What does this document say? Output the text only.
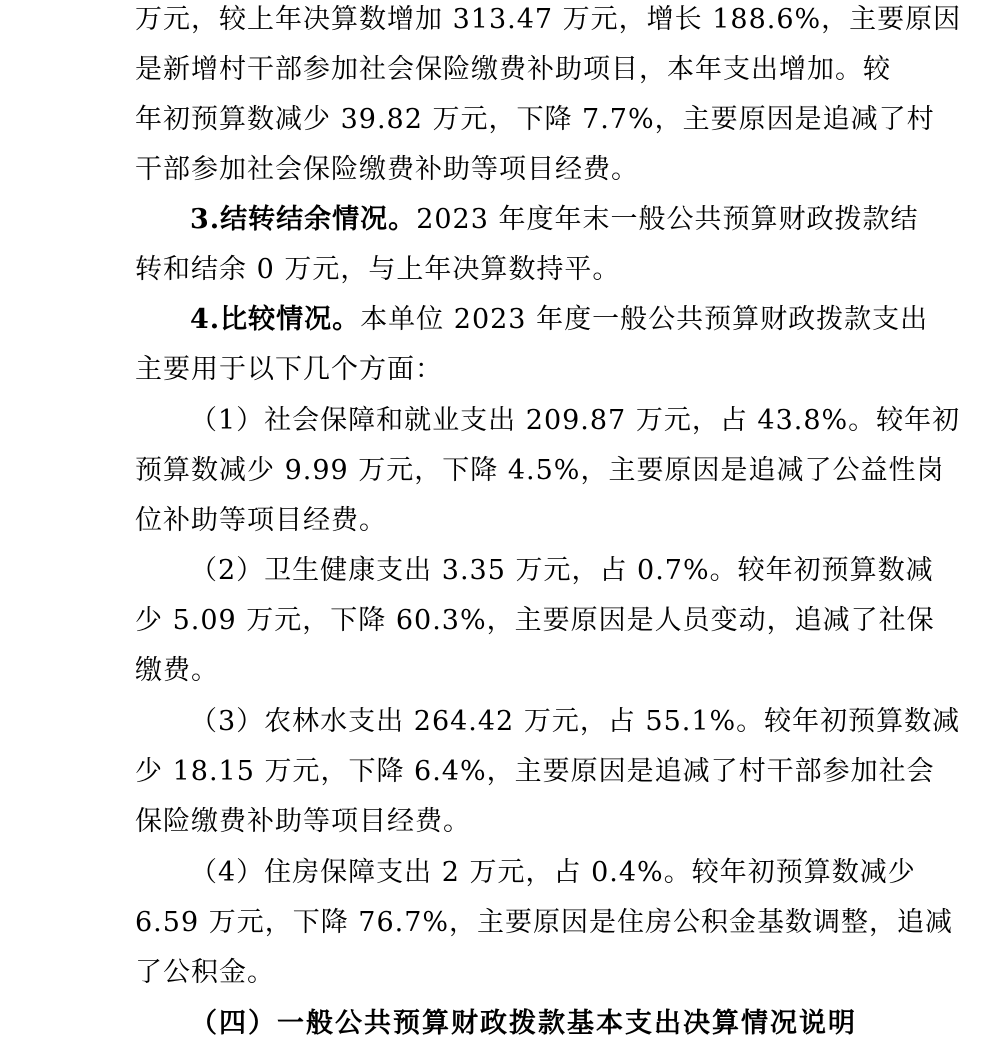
万元，较上年决算数增加 313.47 万元，增长 188.6%，主要原因
是新增村干部参加社会保险缴费补助项目，本年支出增加。较
年初预算数减少 39.82 万元，下降 7.7%，主要原因是追减了村
干部参加社会保险缴费补助等项目经费。
3.结转结余情况。2023 年度年末一般公共预算财政拨款结
转和结余 0 万元，与上年决算数持平。
4.比较情况。本单位 2023 年度一般公共预算财政拨款支出
主要用于以下几个方面：
（1）社会保障和就业支出 209.87 万元，占 43.8%。较年初
预算数减少 9.99 万元，下降 4.5%，主要原因是追减了公益性岗
位补助等项目经费。
（2）卫生健康支出 3.35 万元，占 0.7%。较年初预算数减
少 5.09 万元，下降 60.3%，主要原因是人员变动，追减了社保
缴费。
（3）农林水支出 264.42 万元，占 55.1%。较年初预算数减
少 18.15 万元，下降 6.4%，主要原因是追减了村干部参加社会
保险缴费补助等项目经费。
（4）住房保障支出 2 万元，占 0.4%。较年初预算数减少
6.59 万元，下降 76.7%，主要原因是住房公积金基数调整，追减
了公积金。
（四）一般公共预算财政拨款基本支出决算情况说明
